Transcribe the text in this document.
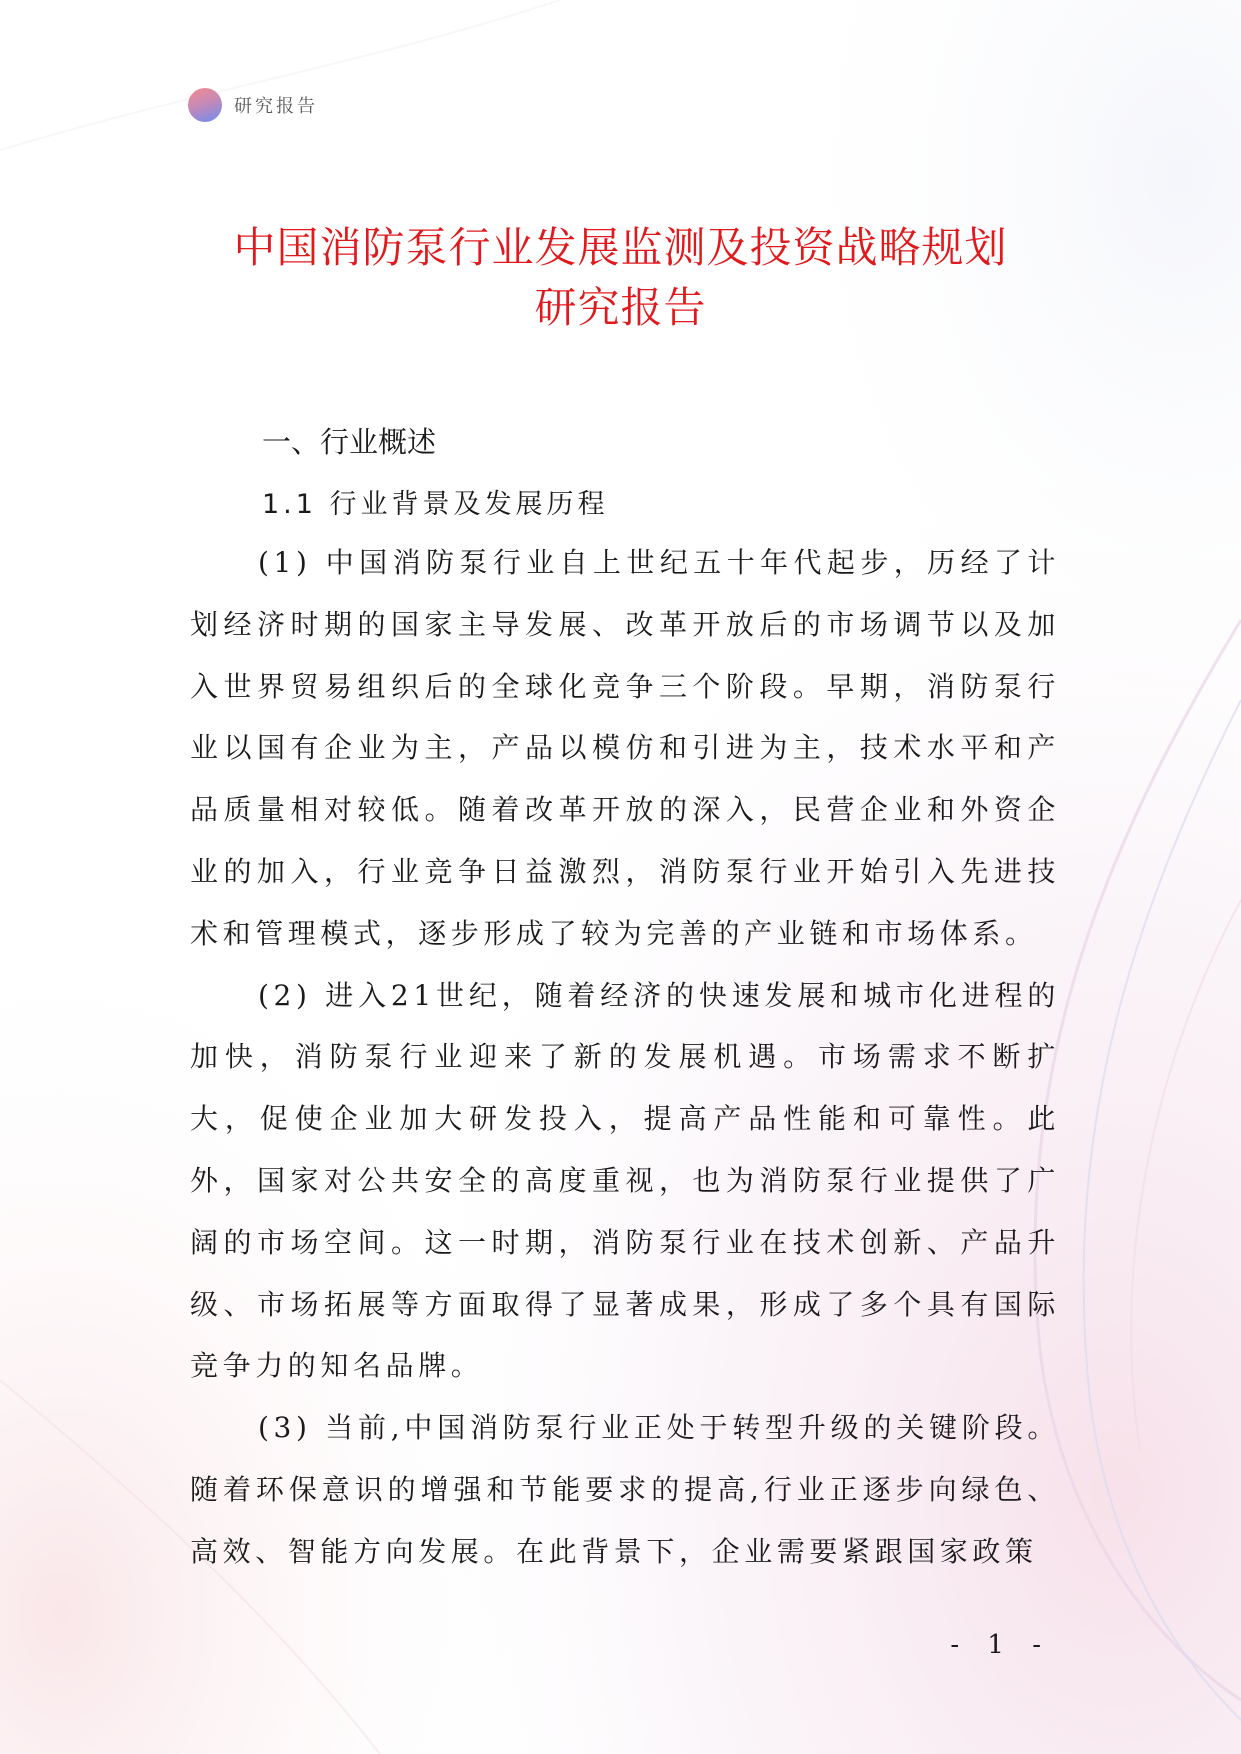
研究报告
中国消防泵行业发展监测及投资战略规划
研究报告
一、行业概述
1.1 行业背景及发展历程

(1) 中国消防泵行业自上世纪五十年代起步，历经了计划经济时期的国家主导发展、改革开放后的市场调节以及加入世界贸易组织后的全球化竞争三个阶段。早期，消防泵行业以国有企业为主，产品以模仿和引进为主，技术水平和产品质量相对较低。随着改革开放的深入，民营企业和外资企业的加入，行业竞争日益激烈，消防泵行业开始引入先进技术和管理模式，逐步形成了较为完善的产业链和市场体系。

(2) 进入21世纪，随着经济的快速发展和城市化进程的加快，消防泵行业迎来了新的发展机遇。市场需求不断扩大，促使企业加大研发投入，提高产品性能和可靠性。此外，国家对公共安全的高度重视，也为消防泵行业提供了广阔的市场空间。这一时期，消防泵行业在技术创新、产品升级、市场拓展等方面取得了显著成果，形成了多个具有国际竞争力的知名品牌。

(3) 当前,中国消防泵行业正处于转型升级的关键阶段。随着环保意识的增强和节能要求的提高,行业正逐步向绿色、高效、智能方向发展。在此背景下，企业需要紧跟国家政策

- 1 -
